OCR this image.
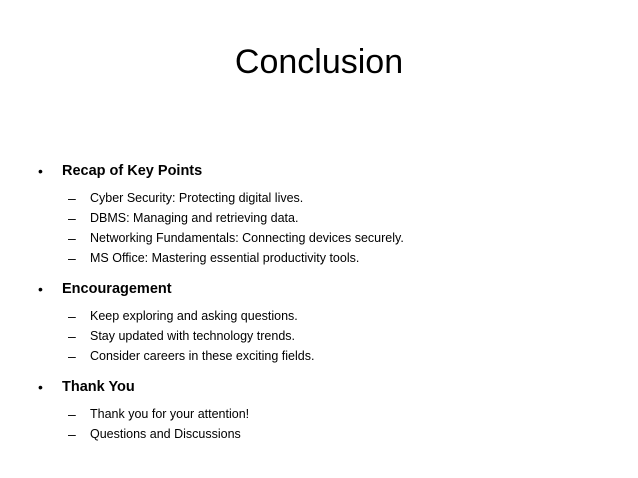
Conclusion

• Recap of Key Points

– Cyber Security: Protecting digital lives.
– DBMS: Managing and retrieving data.
– Networking Fundamentals: Connecting devices securely.
– MS Office: Mastering essential productivity tools.

• Encouragement

– Keep exploring and asking questions.
– Stay updated with technology trends.
– Consider careers in these exciting fields.

• Thank You

– Thank you for your attention!
– Questions and Discussions
